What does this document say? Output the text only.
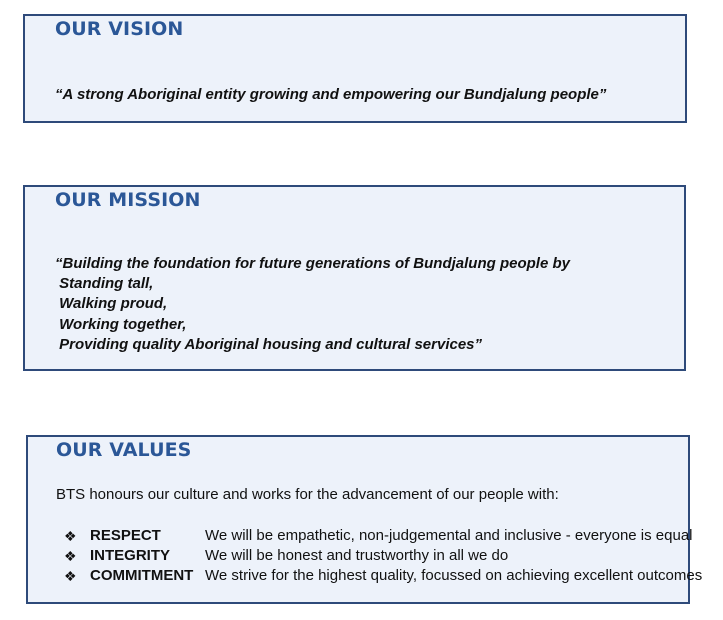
OUR VISION

“A strong Aboriginal entity growing and empowering our Bundjalung people”

OUR MISSION

“Building the foundation for future generations of Bundjalung people by

Standing tall,

Walking proud,

Working together,

Providing quality Aboriginal housing and cultural services”

OUR VALUES

BTS honours our culture and works for the advancement of our people with:

❖ RESPECT	We will be empathetic, non-judgemental and inclusive - everyone is equal
❖ INTEGRITY We will be honest and trustworthy in all we do
❖ COMMITMENT We strive for the highest quality, focussed on achieving excellent outcomes
